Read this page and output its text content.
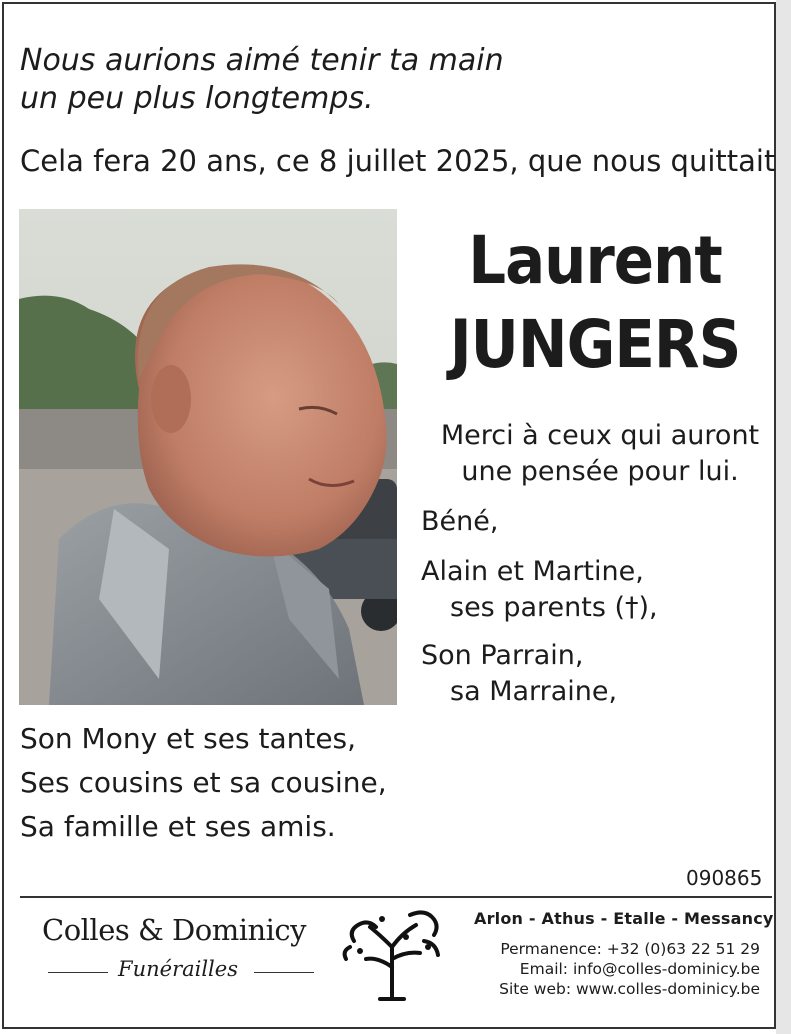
Nous aurions aimé tenir ta main
un peu plus longtemps.
Cela fera 20 ans, ce 8 juillet 2025, que nous quittait
Laurent
JUNGERS
Merci à ceux qui auront
une pensée pour lui.
Béné,
Alain et Martine,
ses parents (†),
Son Parrain,
sa Marraine,
Son Mony et ses tantes,
Ses cousins et sa cousine,
Sa famille et ses amis.
090865
Colles & Dominicy
Funérailles
Arlon - Athus - Etalle - Messancy
Permanence: +32 (0)63 22 51 29
Email: info@colles-dominicy.be
Site web: www.colles-dominicy.be
